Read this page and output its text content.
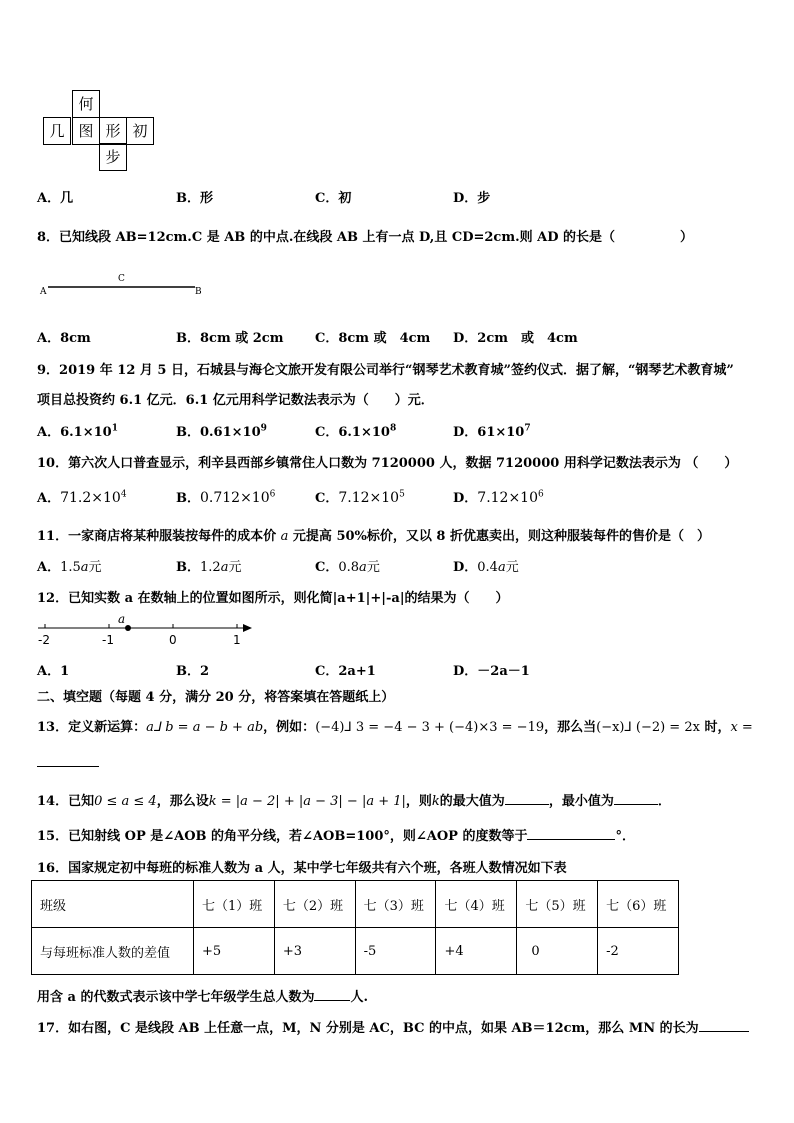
何
几 图 形 初
步
A．几	B．形	C．初	D．步
8．已知线段 AB=12cm.C 是 AB 的中点.在线段 AB 上有一点 D,且 CD=2cm.则 AD 的长是（　　　　　）
A
C
B
A．8cm	B．8cm 或 2cm C．8cm 或　4cm D．2cm　或　4cm
9．2019 年 12 月 5 日，石城县与海仑文旅开发有限公司举行“钢琴艺术教育城”签约仪式．据了解，“钢琴艺术教育城”
项目总投资约 6.1 亿元．6.1 亿元用科学记数法表示为（　　）元．
A．$6.1\times 10^1$	B．$0.61\times 10^9$	C．$6.1\times 10^8$	D．$61\times 10^7$
10．第六次人口普查显示，利辛县西部乡镇常住人口数为 7120000 人，数据 7120000 用科学记数法表示为 （　　）
A．$71.2\times 10^4$	B．$0.712\times 10^6$	C．$7.12\times 10^5$	D．$7.12\times 10^6$
11．一家商店将某种服装按每件的成本价 a 元提高 50%标价，又以 8 折优惠卖出，则这种服装每件的售价是（　）
A．1.5a元	B．1.2a元	C．0.8a元	D．0.4a元
12．已知实数 a 在数轴上的位置如图所示，则化简|a+1|+|-a|的结果为（　　）
a
-2	-1	0	1
A．1	B．2	C．2a+1	D．－2a－1
二、填空题（每题 4 分，满分 20 分，将答案填在答题纸上）
13．定义新运算：a⅃ b = a − b + ab，例如：(−4)⅃ 3 = −4 − 3 + (−4)×3 = −19，那么当(−x)⅃ (−2) = 2x 时，x =
14．已知0 ≤ a ≤ 4，那么设k = |a − 2| + |a − 3| − |a + 1|，则k的最大值为	，最小值为	．
15．已知射线 OP 是∠AOB 的角平分线，若∠AOB=100°，则∠AOP 的度数等于	°．
16．国家规定初中每班的标准人数为 a 人，某中学七年级共有六个班，各班人数情况如下表
班级	七（1）班	七（2）班	七（3）班	七（4）班	七（5）班	七（6）班
与每班标准人数的差值	+5	+3	-5	+4	0	-2
用含 a 的代数式表示该中学七年级学生总人数为	人.
17．如右图，C 是线段 AB 上任意一点，M，N 分别是 AC，BC 的中点，如果 AB＝12cm，那么 MN 的长为
